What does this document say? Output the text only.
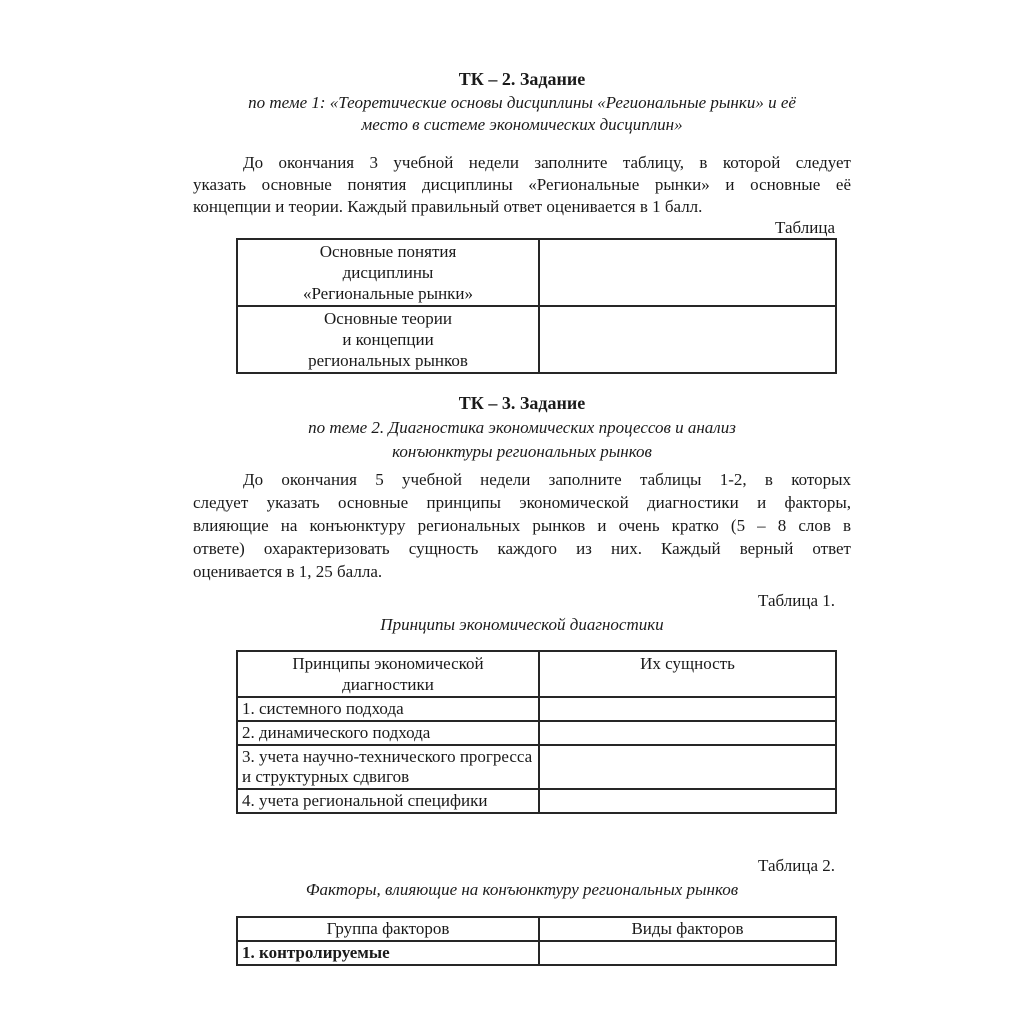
ТК – 2. Задание
по теме 1: «Теоретические основы дисциплины «Региональные рынки» и её
место в системе экономических дисциплин»
До окончания 3 учебной недели заполните таблицу, в которой следует
указать основные понятия дисциплины «Региональные рынки» и основные её
концепции и теории. Каждый правильный ответ оценивается в 1 балл.
Таблица
Основные понятия
дисциплины
«Региональные рынки»	

Основные теории
и концепции
региональных рынков	

ТК – 3. Задание
по теме 2. Диагностика экономических процессов и анализ
конъюнктуры региональных рынков
До окончания 5 учебной недели заполните таблицы 1-2, в которых
следует указать основные принципы экономической диагностики и факторы,
влияющие на конъюнктуру региональных рынков и очень кратко (5 – 8 слов в
ответе) охарактеризовать сущность каждого из них. Каждый верный ответ
оценивается в 1, 25 балла.
Таблица 1.
Принципы экономической диагностики
Принципы экономической
диагностики	Их сущность
1. системного подхода	
2. динамического подхода	
3. учета научно-технического прогресса и структурных сдвигов	
4. учета региональной специфики	
Таблица 2.
Факторы, влияющие на конъюнктуру региональных рынков
Группа факторов	Виды факторов
1. контролируемые	
